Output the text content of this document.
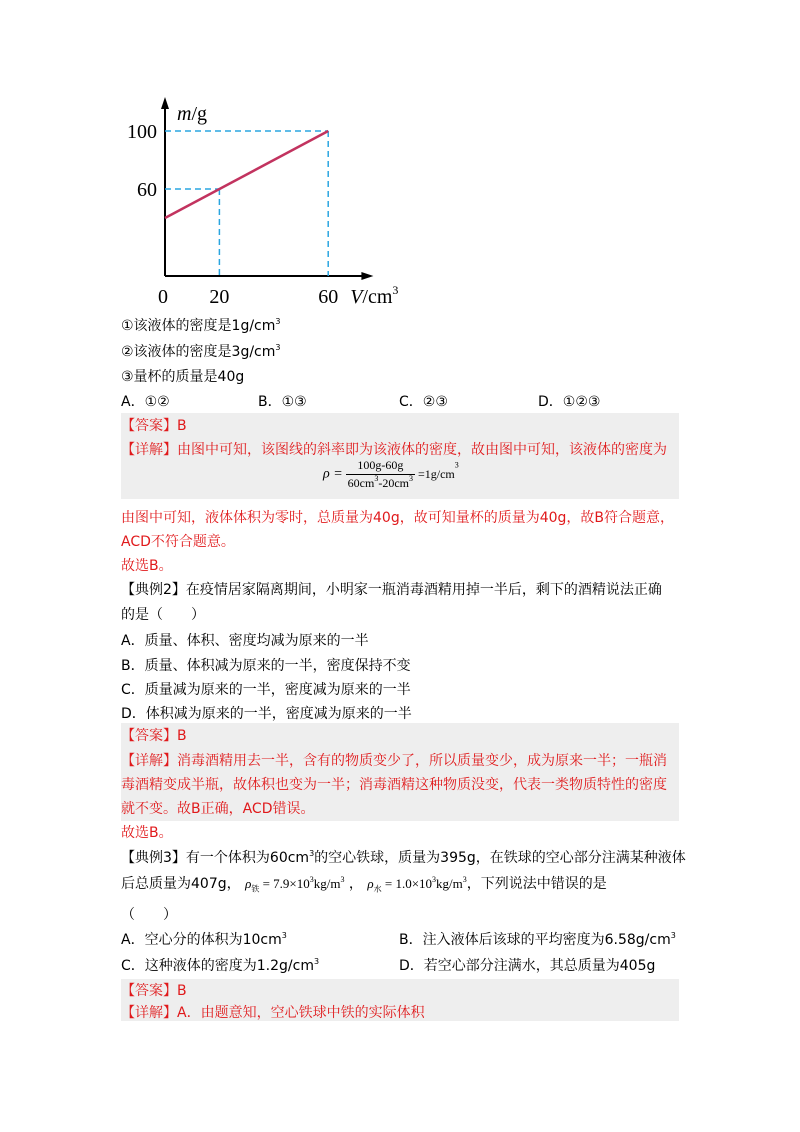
100
60
0 20	60
m/g
$V/cm^3$
①该液体的密度是$1g/cm^3$
②该液体的密度是$3g/cm^3$
③量杯的质量是40g
A．①②	B．①③	C．②③	D．①②③
【答案】B
【详解】由图中可知，该图线的斜率即为该液体的密度，故由图中可知，该液体的密度为
$\rho = \frac{100g-60g}{60cm^3-20cm^3} =1g/cm^3$
由图中可知，液体体积为零时，总质量为40g，故可知量杯的质量为40g，故B符合题意，
ACD不符合题意。
故选B。
【典例2】在疫情居家隔离期间，小明家一瓶消毒酒精用掉一半后，剩下的酒精说法正确
的是（　　）
A．质量、体积、密度均减为原来的一半
B．质量、体积减为原来的一半，密度保持不变
C．质量减为原来的一半，密度减为原来的一半
D．体积减为原来的一半，密度减为原来的一半
【答案】B
【详解】消毒酒精用去一半，含有的物质变少了，所以质量变少，成为原来一半；一瓶消
毒酒精变成半瓶，故体积也变为一半；消毒酒精这种物质没变，代表一类物质特性的密度
就不变。故B正确，ACD错误。
故选B。
【典例3】有一个体积为$60cm^3$的空心铁球，质量为395g，在铁球的空心部分注满某种液体
后总质量为407g， $\rho_铁 = 7.9\times 10^3kg/m^3$ ， $\rho_水 = 1.0\times 10^3kg/m^3$，下列说法中错误的是
（　　）
A．空心分的体积为$10cm^3$	B．注入液体后该球的平均密度为$6.58g/cm^3$
C．这种液体的密度为$1.2g/cm^3$	D．若空心部分注满水，其总质量为405g
【答案】B
【详解】A．由题意知，空心铁球中铁的实际体积
